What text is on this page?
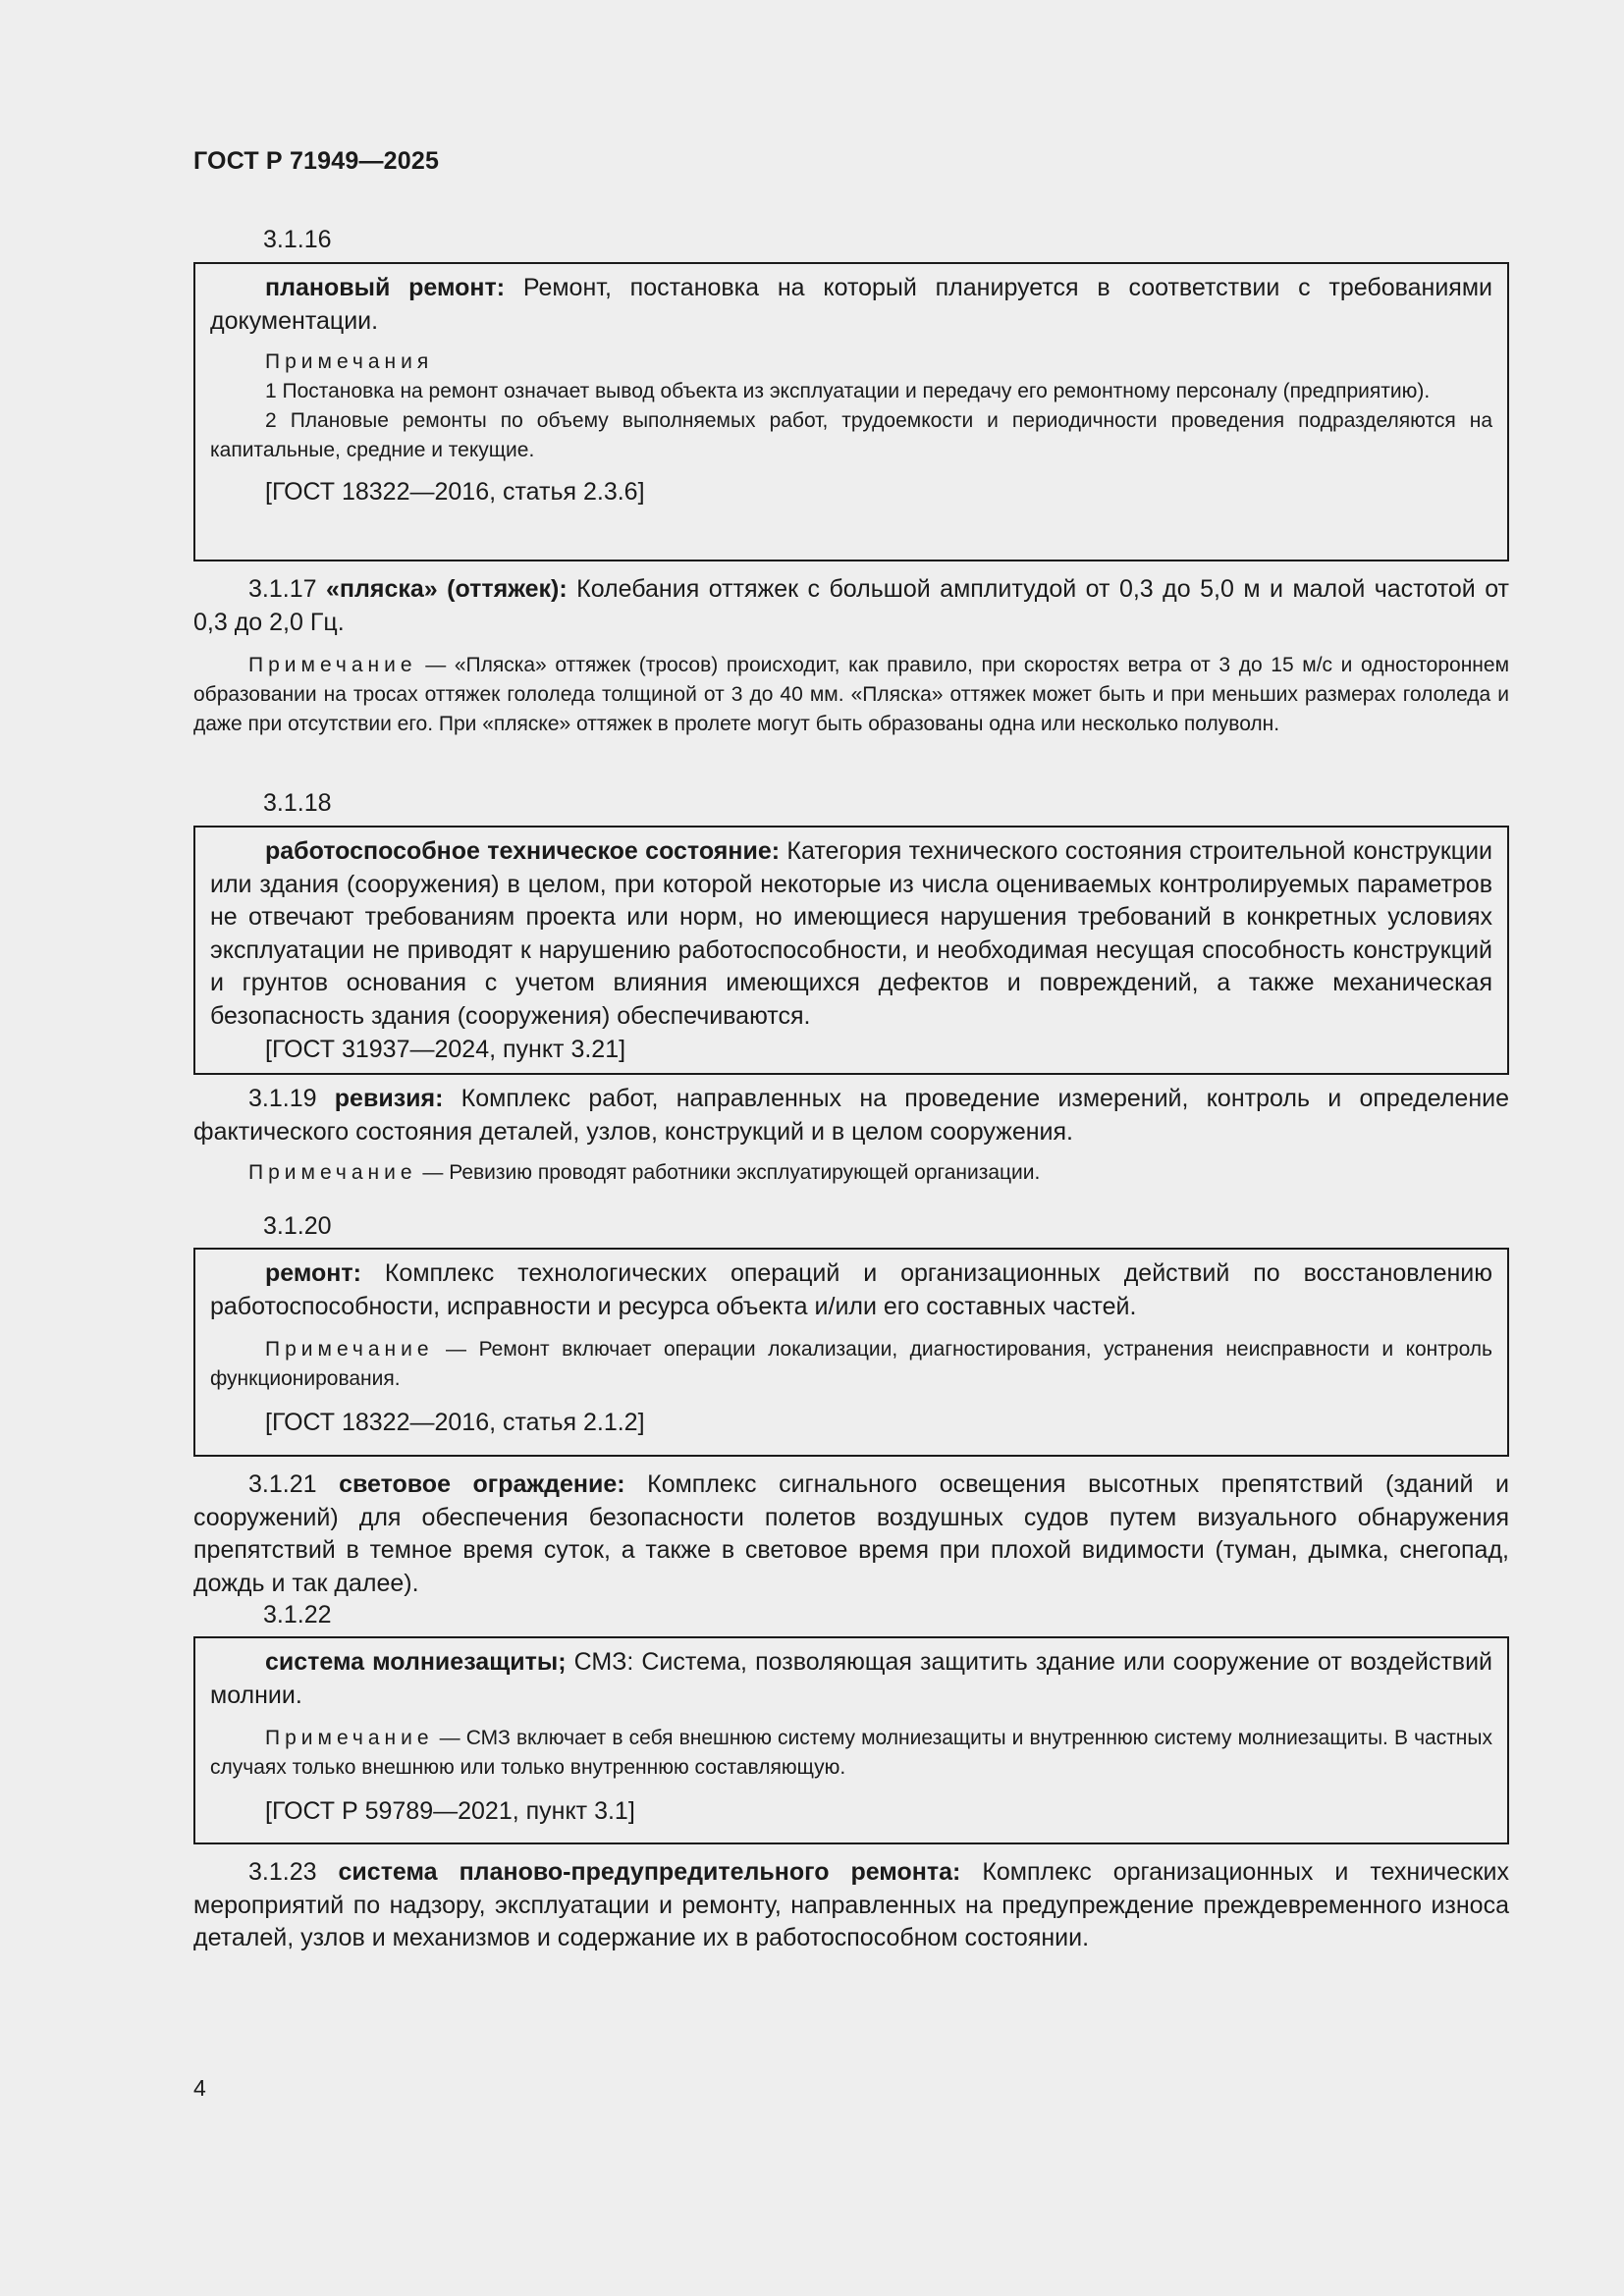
ГОСТ Р 71949—2025
3.1.16

плановый ремонт: Ремонт, постановка на который планируется в соответствии с требованиями документации.

Примечания

1 Постановка на ремонт означает вывод объекта из эксплуатации и передачу его ремонтному персоналу (предприятию).

2 Плановые ремонты по объему выполняемых работ, трудоемкости и периодичности проведения подразделяются на капитальные, средние и текущие.

[ГОСТ 18322—2016, статья 2.3.6]

3.1.17 «пляска» (оттяжек): Колебания оттяжек с большой амплитудой от 0,3 до 5,0 м и малой частотой от 0,3 до 2,0 Гц.

Примечание — «Пляска» оттяжек (тросов) происходит, как правило, при скоростях ветра от 3 до 15 м/с и одностороннем образовании на тросах оттяжек гололеда толщиной от 3 до 40 мм. «Пляска» оттяжек может быть и при меньших размерах гололеда и даже при отсутствии его. При «пляске» оттяжек в пролете могут быть образованы одна или несколько полуволн.

3.1.18

работоспособное техническое состояние: Категория технического состояния строительной конструкции или здания (сооружения) в целом, при которой некоторые из числа оцениваемых контролируемых параметров не отвечают требованиям проекта или норм, но имеющиеся нарушения требований в конкретных условиях эксплуатации не приводят к нарушению работоспособности, и необходимая несущая способность конструкций и грунтов основания с учетом влияния имеющихся дефектов и повреждений, а также механическая безопасность здания (сооружения) обеспечиваются.

[ГОСТ 31937—2024, пункт 3.21]

3.1.19 ревизия: Комплекс работ, направленных на проведение измерений, контроль и определение фактического состояния деталей, узлов, конструкций и в целом сооружения.

Примечание — Ревизию проводят работники эксплуатирующей организации.

3.1.20

ремонт: Комплекс технологических операций и организационных действий по восстановлению работоспособности, исправности и ресурса объекта и/или его составных частей.

Примечание — Ремонт включает операции локализации, диагностирования, устранения неисправности и контроль функционирования.

[ГОСТ 18322—2016, статья 2.1.2]

3.1.21 световое ограждение: Комплекс сигнального освещения высотных препятствий (зданий и сооружений) для обеспечения безопасности полетов воздушных судов путем визуального обнаружения препятствий в темное время суток, а также в световое время при плохой видимости (туман, дымка, снегопад, дождь и так далее).

3.1.22

система молниезащиты; СМЗ: Система, позволяющая защитить здание или сооружение от воздействий молнии.

Примечание — СМЗ включает в себя внешнюю систему молниезащиты и внутреннюю систему молниезащиты. В частных случаях только внешнюю или только внутреннюю составляющую.

[ГОСТ Р 59789—2021, пункт 3.1]

3.1.23 система планово-предупредительного ремонта: Комплекс организационных и технических мероприятий по надзору, эксплуатации и ремонту, направленных на предупреждение преждевременного износа деталей, узлов и механизмов и содержание их в работоспособном состоянии.

4
